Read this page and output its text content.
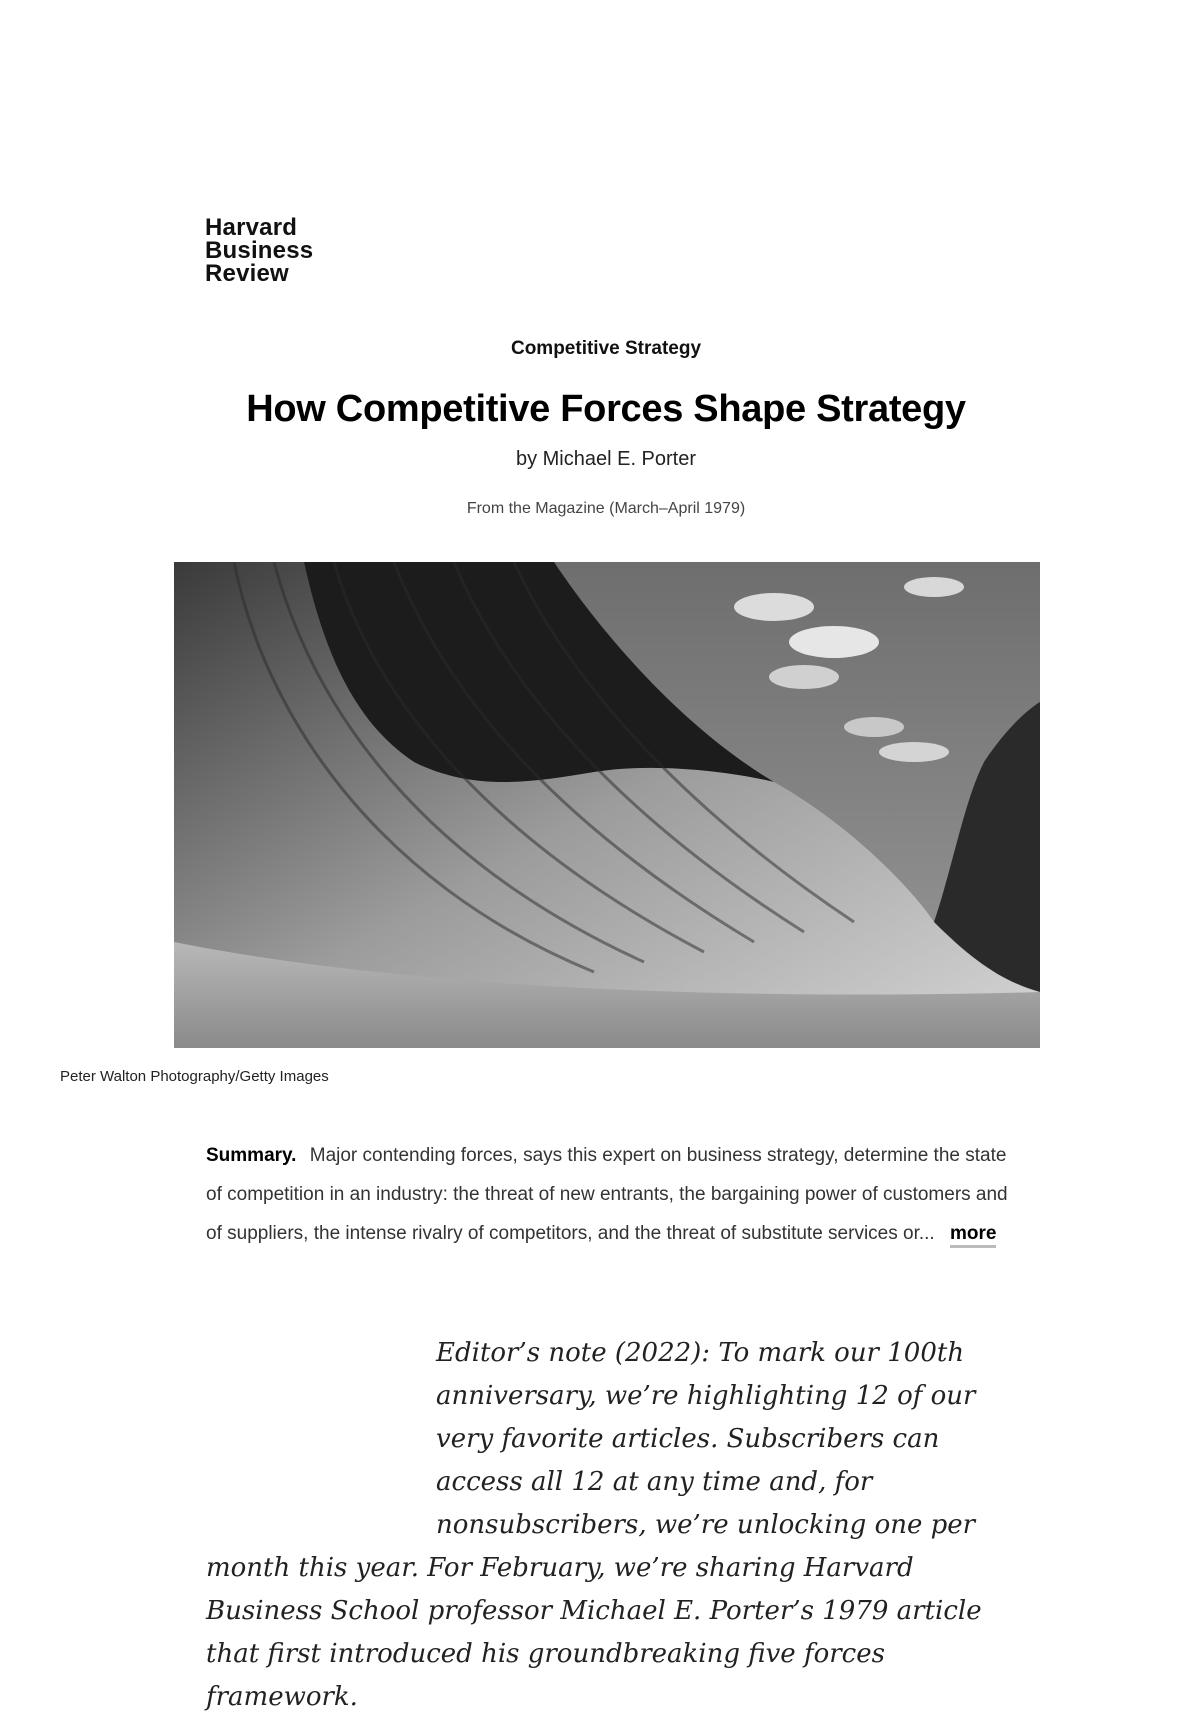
Harvard
Business
Review
Competitive Strategy
How Competitive Forces Shape Strategy
by Michael E. Porter
From the Magazine (March–April 1979)
Peter Walton Photography/Getty Images
Summary. Major contending forces, says this expert on business strategy, determine the state of competition in an industry: the threat of new entrants, the bargaining power of customers and of suppliers, the intense rivalry of competitors, and the threat of substitute services or... more

Editor’s note (2022): To mark our 100th anniversary, we’re highlighting 12 of our very favorite articles. Subscribers can access all 12 at any time and, for nonsubscribers, we’re unlocking one per month this year. For February, we’re sharing Harvard Business School professor Michael E. Porter’s 1979 article that first introduced his groundbreaking five forces framework.
